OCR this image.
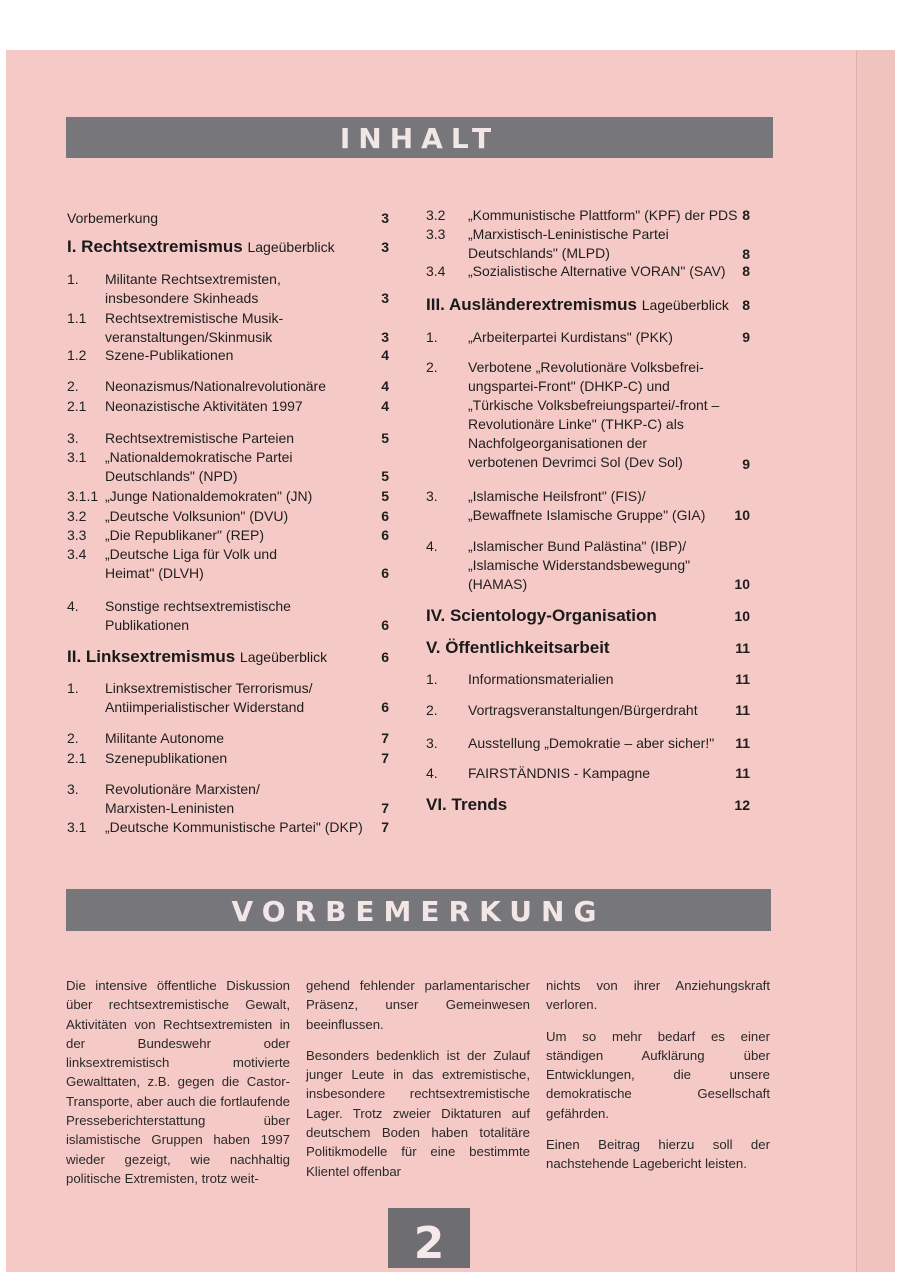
INHALT
Vorbemerkung	3
I. Rechtsextremismus Lageüberblick	3
1. Militante Rechtsextremisten,
insbesondere Skinheads	3
1.1 Rechtsextremistische Musik-
veranstaltungen/Skinmusik	3
1.2 Szene-Publikationen	4
2. Neonazismus/Nationalrevolutionäre	4
2.1 Neonazistische Aktivitäten 1997	4
3. Rechtsextremistische Parteien	5
3.1 „Nationaldemokratische Partei
Deutschlands" (NPD)	5
3.1.1 „Junge Nationaldemokraten" (JN)	5
3.2 „Deutsche Volksunion" (DVU)	6
3.3 „Die Republikaner" (REP)	6
3.4 „Deutsche Liga für Volk und
Heimat" (DLVH)	6
4. Sonstige rechtsextremistische
Publikationen	6
II. Linksextremismus Lageüberblick	6
1. Linksextremistischer Terrorismus/
Antiimperialistischer Widerstand	6
2. Militante Autonome	7
2.1 Szenepublikationen	7
3. Revolutionäre Marxisten/
Marxisten-Leninisten	7
3.1 „Deutsche Kommunistische Partei" (DKP)	7
3.2 „Kommunistische Plattform" (KPF) der PDS 8
3.3 „Marxistisch-Leninistische Partei
Deutschlands" (MLPD)	8
3.4 „Sozialistische Alternative VORAN" (SAV)	8
III. Ausländerextremismus Lageüberblick 8
1. „Arbeiterpartei Kurdistans" (PKK)	9
2. Verbotene „Revolutionäre Volksbefrei-
ungspartei-Front" (DHKP-C) und
„Türkische Volksbefreiungspartei/-front –
Revolutionäre Linke" (THKP-C) als
Nachfolgeorganisationen der
verbotenen Devrimci Sol (Dev Sol)	9
3. „Islamische Heilsfront" (FIS)/
„Bewaffnete Islamische Gruppe" (GIA)	10
4. „Islamischer Bund Palästina" (IBP)/
„Islamische Widerstandsbewegung"
(HAMAS)	10
IV. Scientology-Organisation	10
V. Öffentlichkeitsarbeit	11
1. Informationsmaterialien	11
2. Vortragsveranstaltungen/Bürgerdraht	11
3. Ausstellung „Demokratie – aber sicher!"	11
4. FAIRSTÄNDNIS - Kampagne	11
VI. Trends	12
VORBEMERKUNG
Die intensive öffentliche Diskussion über rechtsextremistische Gewalt, Aktivitäten von Rechtsextremisten in der Bundeswehr oder linksextremistisch motivierte Gewalttaten, z.B. gegen die Castor-Transporte, aber auch die fortlaufende Presseberichterstattung über islamistische Gruppen haben 1997 wieder gezeigt, wie nachhaltig politische Extremisten, trotz weit-
gehend fehlender parlamentarischer Präsenz, unser Gemeinwesen beeinflussen.
Besonders bedenklich ist der Zulauf junger Leute in das extremistische, insbesondere rechtsextremistische Lager. Trotz zweier Diktaturen auf deutschem Boden haben totalitäre Politikmodelle für eine bestimmte Klientel offenbar
nichts von ihrer Anziehungskraft verloren.
Um so mehr bedarf es einer ständigen Aufklärung über Entwicklungen, die unsere demokratische Gesellschaft gefährden.
Einen Beitrag hierzu soll der nachstehende Lagebericht leisten.
2
